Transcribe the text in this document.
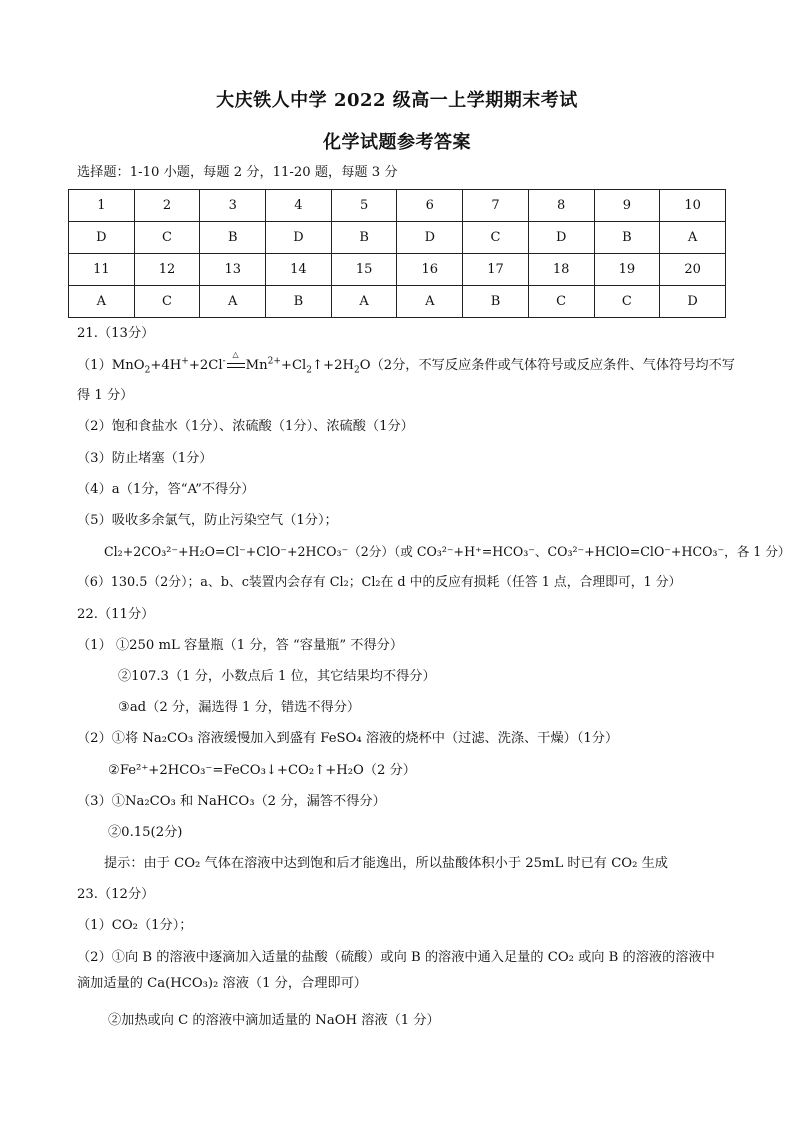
大庆铁人中学 2022 级高一上学期期末考试
化学试题参考答案
选择题：1-10 小题，每题 2 分，11-20 题，每题 3 分
1	2	3	4	5	6	7	8	9	10
D	C	B	D	B	D	C	D	B	A
11	12	13	14	15	16	17	18	19	20
A	C	A	B	A	A	B	C	C	D
21.（13分）
（1）MnO$_2$+4H++2Cl-
△
$Mn^{2+}+Cl_2↑+2H_2O(2$分，不写反应条件或气体符号或反应条件、气体符号均不写
得 1 分）
（2）饱和食盐水（1分）、浓硫酸（1分）、浓硫酸（1分）
（3）防止堵塞（1分）
（4）a（1分，答“A”不得分）
（5）吸收多余氯气，防止污染空气（1分）；
Cl₂+2CO₃²⁻+H₂O=Cl⁻+ClO⁻+2HCO₃⁻（2分）（或 CO₃²⁻+H⁺=HCO₃⁻、CO₃²⁻+HClO=ClO⁻+HCO₃⁻，各 1 分）
（6）130.5（2分）；a、b、c装置内会存有 Cl₂；Cl₂在 d 中的反应有损耗（任答 1 点，合理即可，1 分）
22.（11分）
（1） ①250 mL 容量瓶（1 分，答 “容量瓶” 不得分）
②107.3（1 分，小数点后 1 位，其它结果均不得分）
③ad（2 分，漏选得 1 分，错选不得分）
（2）①将 Na₂CO₃ 溶液缓慢加入到盛有 FeSO₄ 溶液的烧杯中（过滤、洗涤、干燥）（1分）
②Fe²⁺+2HCO₃⁻=FeCO₃↓+CO₂↑+H₂O（2 分）
（3）①Na₂CO₃ 和 NaHCO₃（2 分，漏答不得分）
②0.15(2分)
提示：由于 CO₂ 气体在溶液中达到饱和后才能逸出，所以盐酸体积小于 25mL 时已有 CO₂ 生成
23.（12分）
（1）CO₂（1分）；
（2）①向 B 的溶液中逐滴加入适量的盐酸（硫酸）或向 B 的溶液中通入足量的 CO₂ 或向 B 的溶液的溶液中滴加适量的 Ca(HCO₃)₂ 溶液（1 分，合理即可）
②加热或向 C 的溶液中滴加适量的 NaOH 溶液（1 分）
